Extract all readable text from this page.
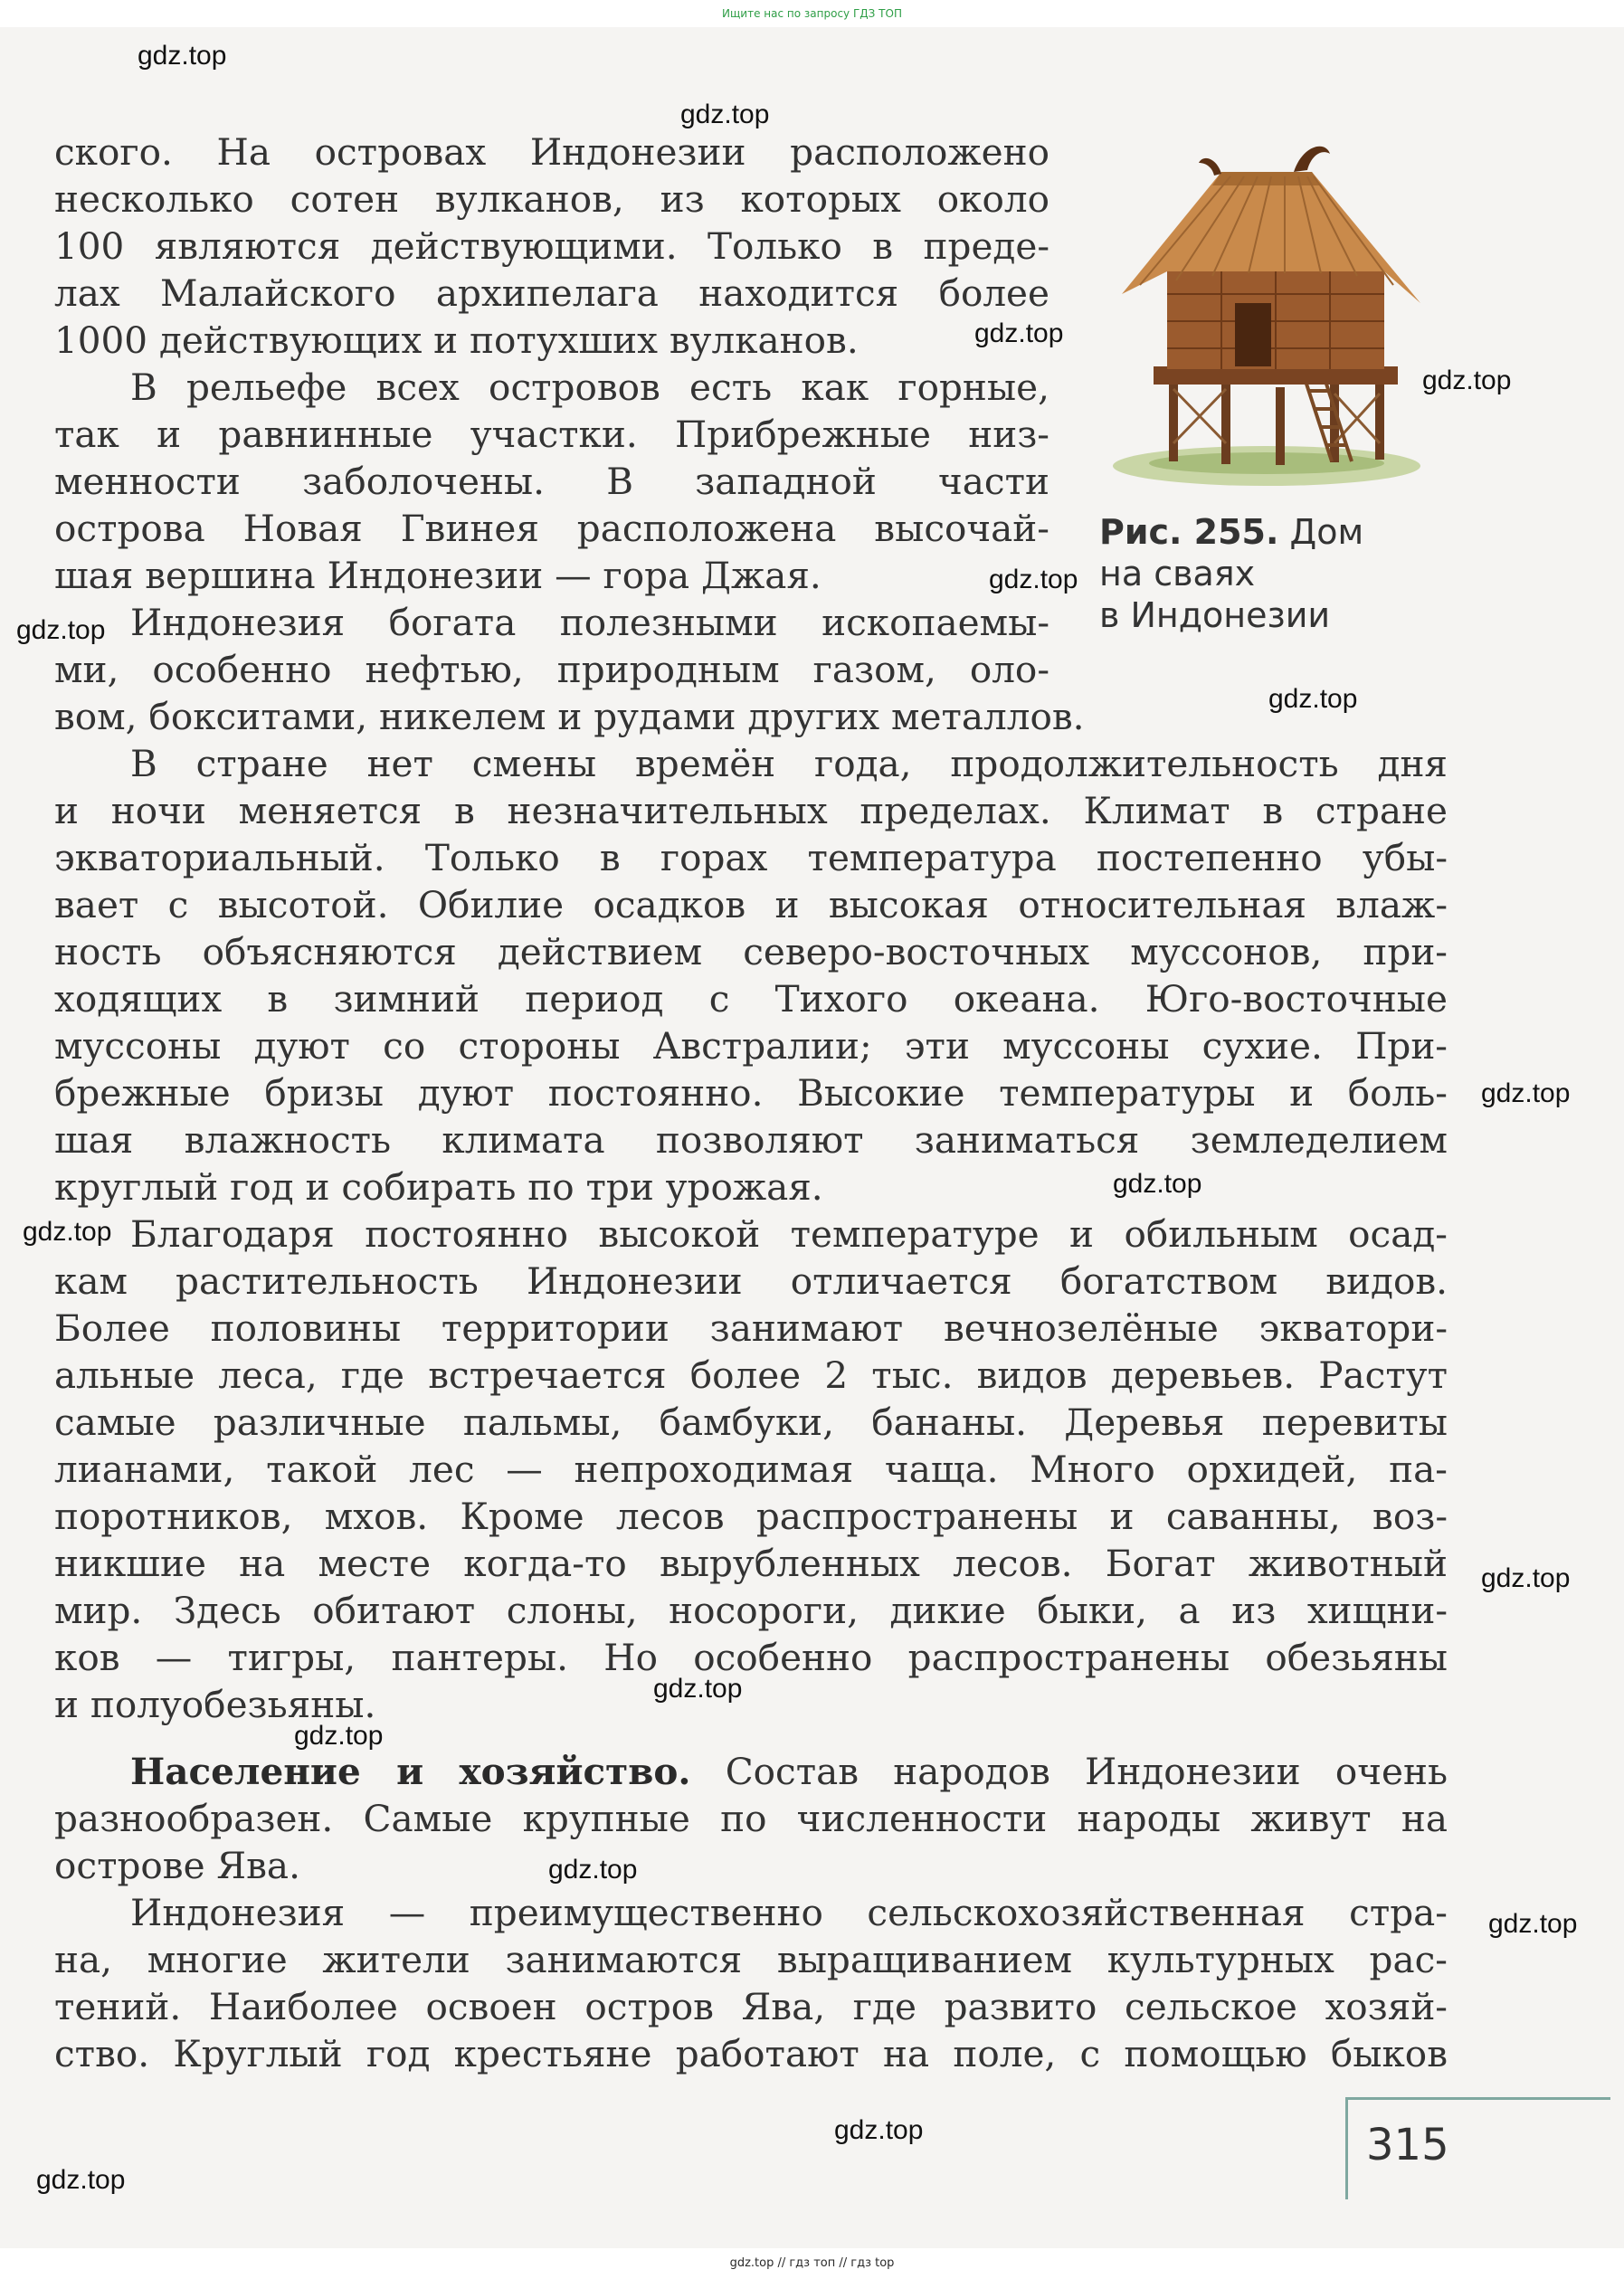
Ищите нас по запросу ГДЗ ТОП
ского. На островах Индонезии расположено
несколько сотен вулканов, из которых около
100 являются действующими. Только в преде-
лах Малайского архипелага находится более
1000 действующих и потухших вулканов.
В рельефе всех островов есть как горные,
так и равнинные участки. Прибрежные низ-
менности заболочены. В западной части
острова Новая Гвинея расположена высочай-
шая вершина Индонезии — гора Джая.
Индонезия богата полезными ископаемы-
ми, особенно нефтью, природным газом, оло-
вом, бокситами, никелем и рудами других металлов.
В стране нет смены времён года, продолжительность дня
и ночи меняется в незначительных пределах. Климат в стране
экваториальный. Только в горах температура постепенно убы-
вает с высотой. Обилие осадков и высокая относительная влаж-
ность объясняются действием северо-восточных муссонов, при-
ходящих в зимний период с Тихого океана. Юго-восточные
муссоны дуют со стороны Австралии; эти муссоны сухие. При-
брежные бризы дуют постоянно. Высокие температуры и боль-
шая влажность климата позволяют заниматься земледелием
круглый год и собирать по три урожая.
Благодаря постоянно высокой температуре и обильным осад-
кам растительность Индонезии отличается богатством видов.
Более половины территории занимают вечнозелёные экватори-
альные леса, где встречается более 2 тыс. видов деревьев. Растут
самые различные пальмы, бамбуки, бананы. Деревья перевиты
лианами, такой лес — непроходимая чаща. Много орхидей, па-
поротников, мхов. Кроме лесов распространены и саванны, воз-
никшие на месте когда-то вырубленных лесов. Богат животный
мир. Здесь обитают слоны, носороги, дикие быки, а из хищни-
ков — тигры, пантеры. Но особенно распространены обезьяны
и полуобезьяны.
Население и хозяйство. Состав народов Индонезии очень
разнообразен. Самые крупные по численности народы живут на
острове Ява.
Индонезия — преимущественно сельскохозяйственная стра-
на, многие жители занимаются выращиванием культурных рас-
тений. Наиболее освоен остров Ява, где развито сельское хозяй-
ство. Круглый год крестьяне работают на поле, с помощью быков
Рис. 255. Дом
на сваях
в Индонезии
315
gdz.top
gdz.top
gdz.top
gdz.top
gdz.top
gdz.top
gdz.top
gdz.top
gdz.top
gdz.top
gdz.top
gdz.top
gdz.top
gdz.top
gdz.top
gdz.top
gdz.top
gdz.top // гдз топ // гдз top
